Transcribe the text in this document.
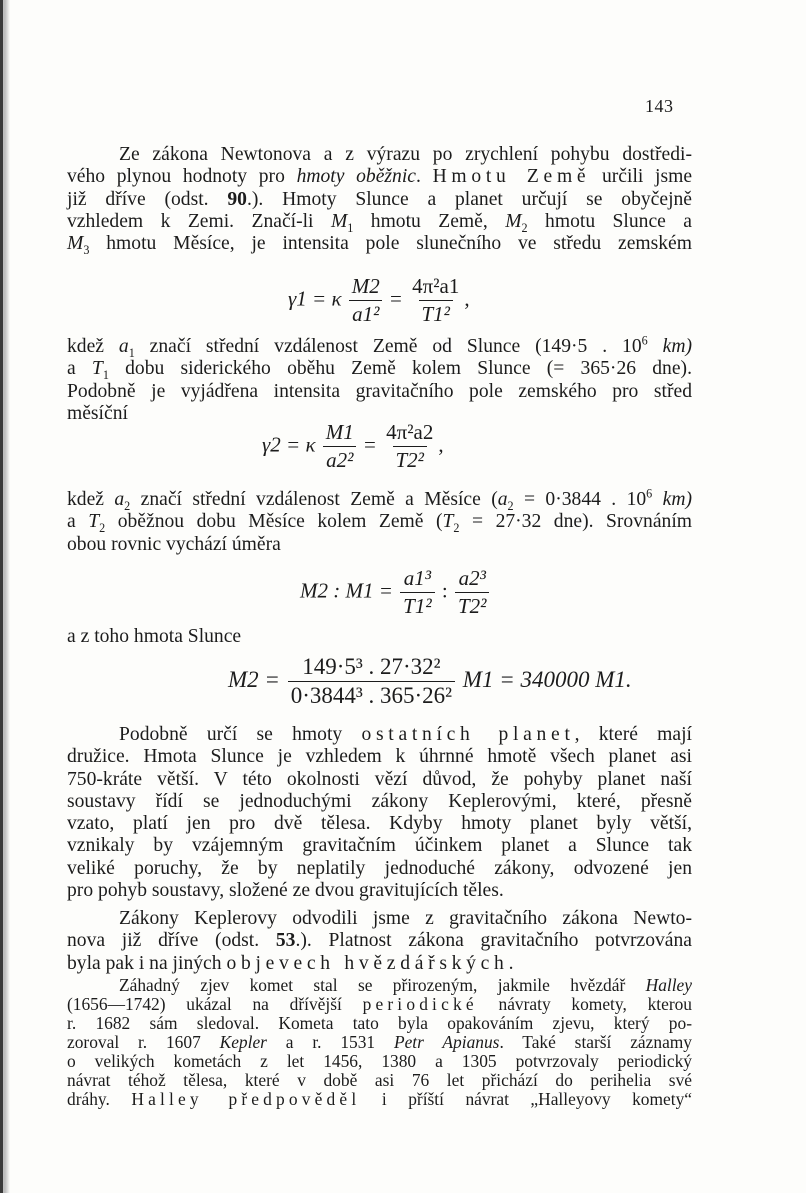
143
Ze zákona Newtonova a z výrazu po zrychlení pohybu dostředi-
vého plynou hodnoty pro hmoty oběžnic. Hmotu Země určili jsme
již dříve (odst. 90.). Hmoty Slunce a planet určují se obyčejně
vzhledem k Zemi. Značí-li $M_1$ hmotu Země, $M_2$ hmotu Slunce a
$M_3$ hmotu Měsíce, je intensita pole slunečního ve středu zemském
γ1 = κ $\frac{M2}{\text{a1²}} = \frac{\text{4π²a1}}{\text{T1²}}$ ,
kdež $a_1$ značí střední vzdálenost Země od Slunce (149·5 . $10^6$ km)
a $T_1$ dobu siderického oběhu Země kolem Slunce (= 365·26 dne).
Podobně je vyjádřena intensita gravitačního pole zemského pro střed
měsíční
γ2 = κ $\frac{M1}{\text{a2²}} = \frac{\text{4π²a2}}{\text{T2²}}$ ,
kdež $a_2$ značí střední vzdálenost Země a Měsíce ($a_2 = 0\cdot 3844$ . $10^6$ km)
a $T_2$ oběžnou dobu Měsíce kolem Země ($T_2 = 27\cdot 32$ dne). Srovnáním
obou rovnic vychází úměra
M2 : $M1 = \frac{\text{a1³}}{\text{T1²}}$ : $\frac{\text{a2³}}{\text{T2²}}$
a z toho hmota Slunce
$M2 = \frac{\text{149·5³ . 27·32²}}{\text{0·3844³ . 365·26²}} M1 = 340000$ M1.
Podobně určí se hmoty ostatních planet, které mají
družice. Hmota Slunce je vzhledem k úhrnné hmotě všech planet asi
750-kráte větší. V této okolnosti vězí důvod, že pohyby planet naší
soustavy řídí se jednoduchými zákony Keplerovými, které, přesně
vzato, platí jen pro dvě tělesa. Kdyby hmoty planet byly větší,
vznikaly by vzájemným gravitačním účinkem planet a Slunce tak
veliké poruchy, že by neplatily jednoduché zákony, odvozené jen
pro pohyb soustavy, složené ze dvou gravitujících těles.
Zákony Keplerovy odvodili jsme z gravitačního zákona Newto-
nova již dříve (odst. 53.). Platnost zákona gravitačního potvrzována
byla pak i na jiných objevech hvězdářských.
Záhadný zjev komet stal se přirozeným, jakmile hvězdář Halley
(1656—1742) ukázal na dřívější periodické návraty komety, kterou
r. 1682 sám sledoval. Kometa tato byla opakováním zjevu, který po-
zoroval r. 1607 Kepler a r. 1531 Petr Apianus. Také starší záznamy
o velikých kometách z let 1456, 1380 a 1305 potvrzovaly periodický
návrat téhož tělesa, které v době asi 76 let přichází do perihelia své
dráhy. Halley předpověděl i příští návrat „Halleyovy komety“
